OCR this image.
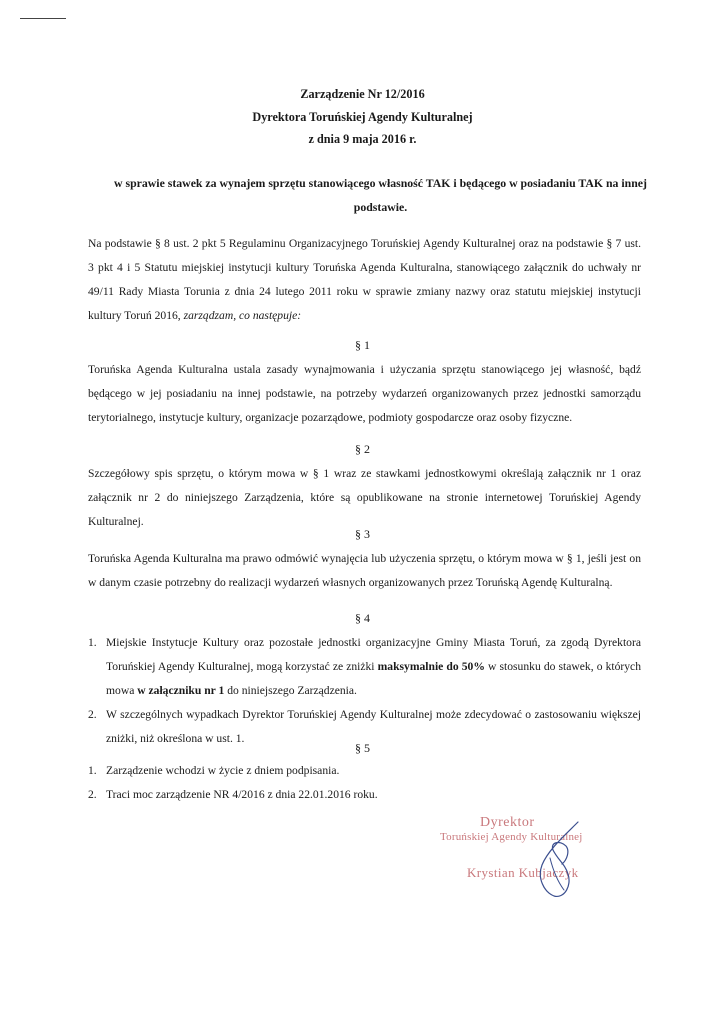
Zarządzenie Nr 12/2016
Dyrektora Toruńskiej Agendy Kulturalnej
z dnia 9 maja 2016 r.
w sprawie stawek za wynajem sprzętu stanowiącego własność TAK i będącego w posiadaniu TAK na innej podstawie.
Na podstawie § 8 ust. 2 pkt 5 Regulaminu Organizacyjnego Toruńskiej Agendy Kulturalnej oraz na podstawie § 7 ust. 3 pkt 4 i 5 Statutu miejskiej instytucji kultury Toruńska Agenda Kulturalna, stanowiącego załącznik do uchwały nr 49/11 Rady Miasta Torunia z dnia 24 lutego 2011 roku w sprawie zmiany nazwy oraz statutu miejskiej instytucji kultury Toruń 2016, zarządzam, co następuje:
§ 1
Toruńska Agenda Kulturalna ustala zasady wynajmowania i użyczania sprzętu stanowiącego jej własność, bądź będącego w jej posiadaniu na innej podstawie, na potrzeby wydarzeń organizowanych przez jednostki samorządu terytorialnego, instytucje kultury, organizacje pozarządowe, podmioty gospodarcze oraz osoby fizyczne.
§ 2
Szczegółowy spis sprzętu, o którym mowa w § 1 wraz ze stawkami jednostkowymi określają załącznik nr 1 oraz załącznik nr 2 do niniejszego Zarządzenia, które są opublikowane na stronie internetowej Toruńskiej Agendy Kulturalnej.
§ 3
Toruńska Agenda Kulturalna ma prawo odmówić wynajęcia lub użyczenia sprzętu, o którym mowa w § 1, jeśli jest on w danym czasie potrzebny do realizacji wydarzeń własnych organizowanych przez Toruńską Agendę Kulturalną.
§ 4
1. Miejskie Instytucje Kultury oraz pozostałe jednostki organizacyjne Gminy Miasta Toruń, za zgodą Dyrektora Toruńskiej Agendy Kulturalnej, mogą korzystać ze zniżki maksymalnie do 50% w stosunku do stawek, o których mowa w załączniku nr 1 do niniejszego Zarządzenia.
2. W szczególnych wypadkach Dyrektor Toruńskiej Agendy Kulturalnej może zdecydować o zastosowaniu większej zniżki, niż określona w ust. 1.
§ 5
1. Zarządzenie wchodzi w życie z dniem podpisania.
2. Traci moc zarządzenie NR 4/2016 z dnia 22.01.2016 roku.
Dyrektor
Toruńskiej Agendy Kulturalnej
Krystian Kubjaczyk
